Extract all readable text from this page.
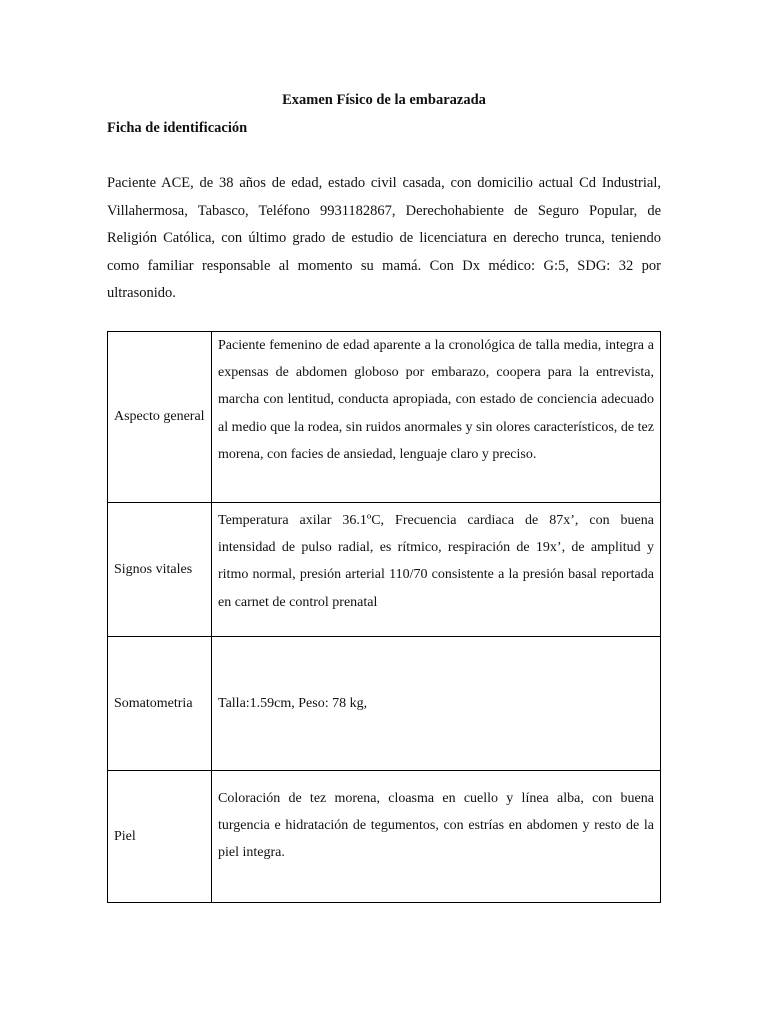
Examen Físico de la embarazada
Ficha de identificación
Paciente ACE, de 38 años de edad, estado civil casada, con domicilio actual Cd Industrial, Villahermosa, Tabasco, Teléfono 9931182867, Derechohabiente de Seguro Popular, de Religión Católica, con último grado de estudio de licenciatura en derecho trunca, teniendo como familiar responsable al momento su mamá. Con Dx médico: G:5, SDG: 32 por ultrasonido.
Aspecto general	Paciente femenino de edad aparente a la cronológica de talla media, integra a expensas de abdomen globoso por embarazo, coopera para la entrevista, marcha con lentitud, conducta apropiada, con estado de conciencia adecuado al medio que la rodea, sin ruidos anormales y sin olores característicos, de tez morena, con facies de ansiedad, lenguaje claro y preciso.
Signos vitales	Temperatura axilar 36.1ºC, Frecuencia cardiaca de 87x’, con buena intensidad de pulso radial, es rítmico, respiración de 19x’, de amplitud y ritmo normal, presión arterial 110/70 consistente a la presión basal reportada en carnet de control prenatal
Somatometria	Talla:1.59cm, Peso: 78 kg,
Piel	Coloración de tez morena, cloasma en cuello y línea alba, con buena turgencia e hidratación de tegumentos, con estrías en abdomen y resto de la piel integra.
